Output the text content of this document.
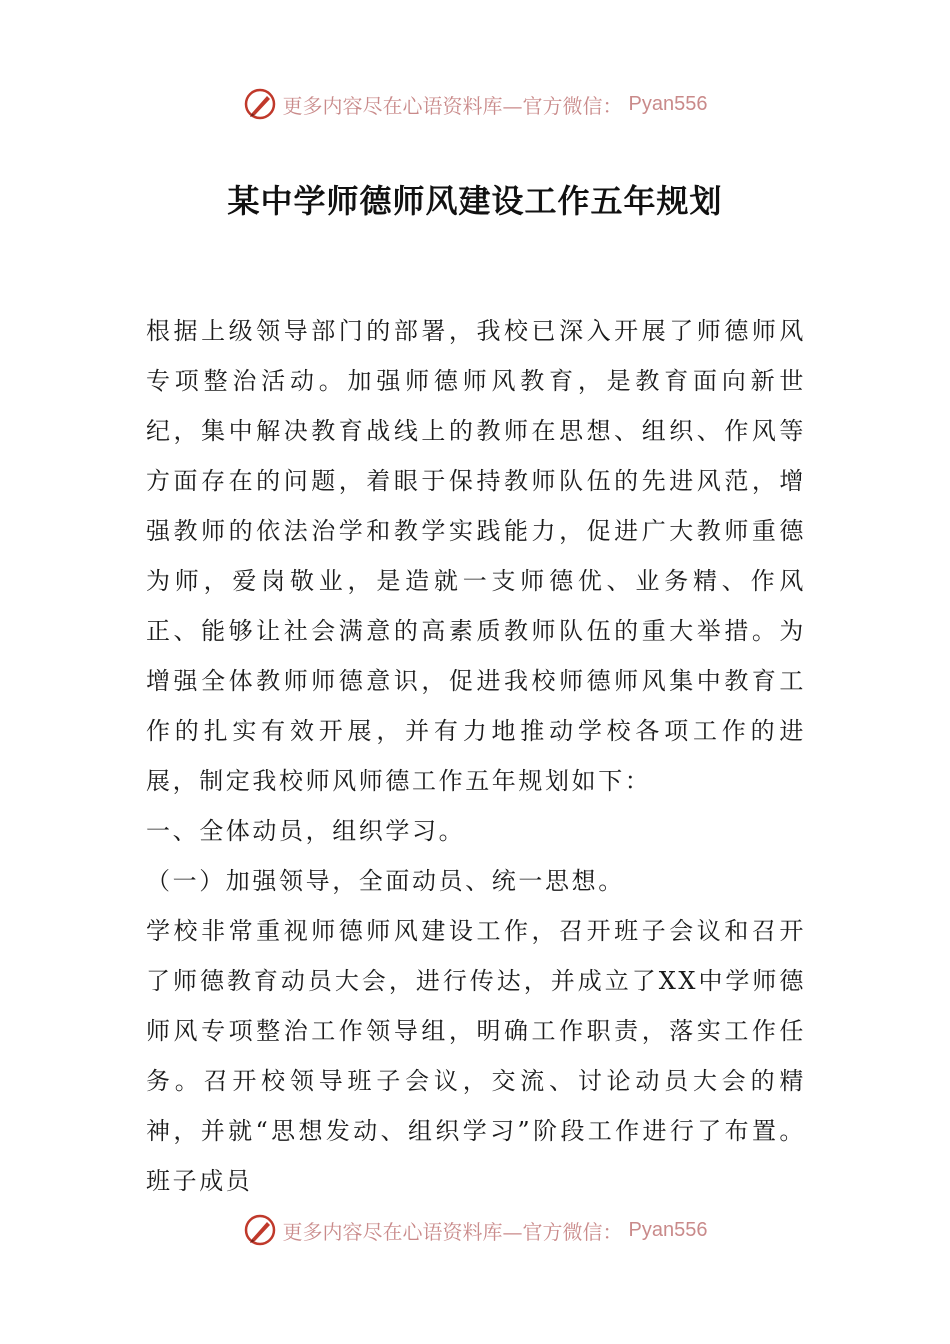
更多内容尽在心语资料库—官方微信： Pyan556
某中学师德师风建设工作五年规划

根据上级领导部门的部署，我校已深入开展了师德师风专项整治活动。加强师德师风教育，是教育面向新世纪，集中解决教育战线上的教师在思想、组织、作风等方面存在的问题，着眼于保持教师队伍的先进风范，增强教师的依法治学和教学实践能力，促进广大教师重德为师，爱岗敬业，是造就一支师德优、业务精、作风正、能够让社会满意的高素质教师队伍的重大举措。为增强全体教师师德意识，促进我校师德师风集中教育工作的扎实有效开展，并有力地推动学校各项工作的进展，制定我校师风师德工作五年规划如下：

一、全体动员，组织学习。

（一）加强领导，全面动员、统一思想。

学校非常重视师德师风建设工作，召开班子会议和召开了师德教育动员大会，进行传达，并成立了XX中学师德师风专项整治工作领导组，明确工作职责，落实工作任务。召开校领导班子会议，交流、讨论动员大会的精神，并就“思想发动、组织学习”阶段工作进行了布置。班子成员

更多内容尽在心语资料库—官方微信： Pyan556
